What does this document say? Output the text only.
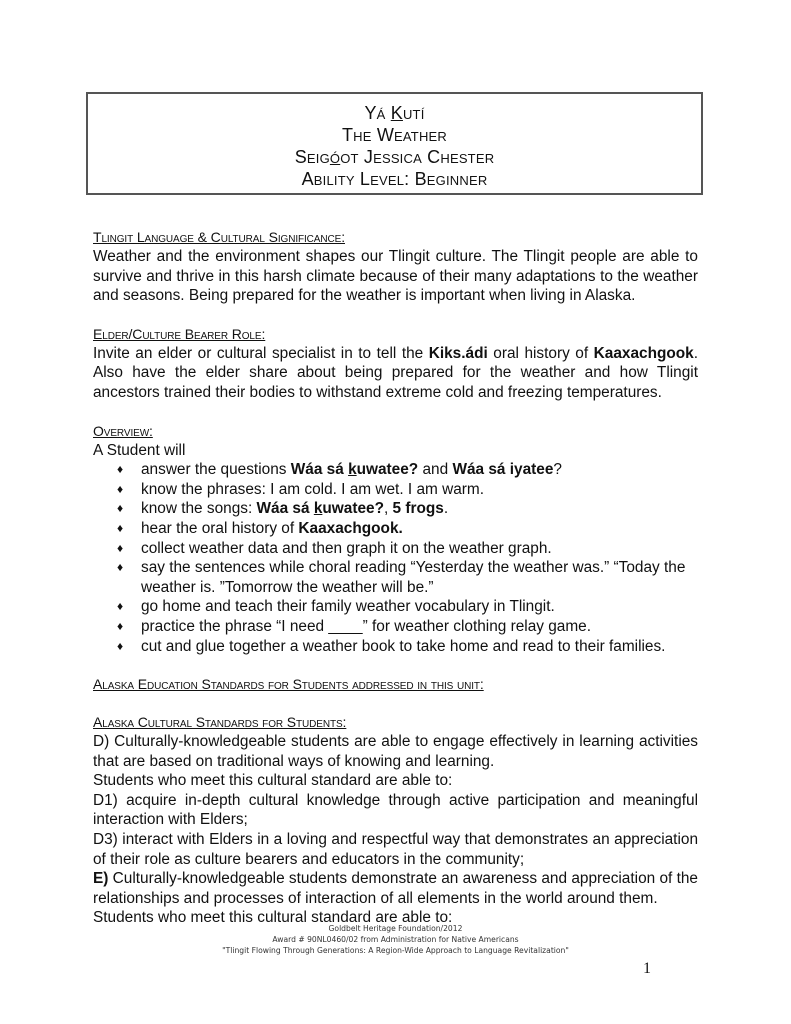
Yá Kutí
The Weather
Seigóot Jessica Chester
Ability Level: Beginner
Tlingit Language & Cultural Significance:

Weather and the environment shapes our Tlingit culture. The Tlingit people are able to survive and thrive in this harsh climate because of their many adaptations to the weather and seasons. Being prepared for the weather is important when living in Alaska.

Elder/Culture Bearer Role:

Invite an elder or cultural specialist in to tell the Kiks.ádi oral history of Kaaxachgook. Also have the elder share about being prepared for the weather and how Tlingit ancestors trained their bodies to withstand extreme cold and freezing temperatures.

Overview:
A Student will
♦ answer the questions Wáa sá kuwatee? and Wáa sá iyatee?
♦ know the phrases: I am cold. I am wet. I am warm.
♦ know the songs: Wáa sá kuwatee?, 5 frogs.
♦ hear the oral history of Kaaxachgook.
♦ collect weather data and then graph it on the weather graph.
♦ say the sentences while choral reading “Yesterday the weather was.” “Today the weather is. ”Tomorrow the weather will be.”
♦ go home and teach their family weather vocabulary in Tlingit.
♦ practice the phrase “I need ____” for weather clothing relay game.
♦ cut and glue together a weather book to take home and read to their families.
Alaska Education Standards for Students addressed in this unit:
Alaska Cultural Standards for Students:

D) Culturally-knowledgeable students are able to engage effectively in learning activities that are based on traditional ways of knowing and learning.

Students who meet this cultural standard are able to:

D1) acquire in-depth cultural knowledge through active participation and meaningful interaction with Elders;

D3) interact with Elders in a loving and respectful way that demonstrates an appreciation of their role as culture bearers and educators in the community;

E) Culturally-knowledgeable students demonstrate an awareness and appreciation of the relationships and processes of interaction of all elements in the world around them.

Students who meet this cultural standard are able to:
Goldbelt Heritage Foundation/2012
Award # 90NL0460/02 from Administration for Native Americans
"Tlingit Flowing Through Generations: A Region-Wide Approach to Language Revitalization"
1
